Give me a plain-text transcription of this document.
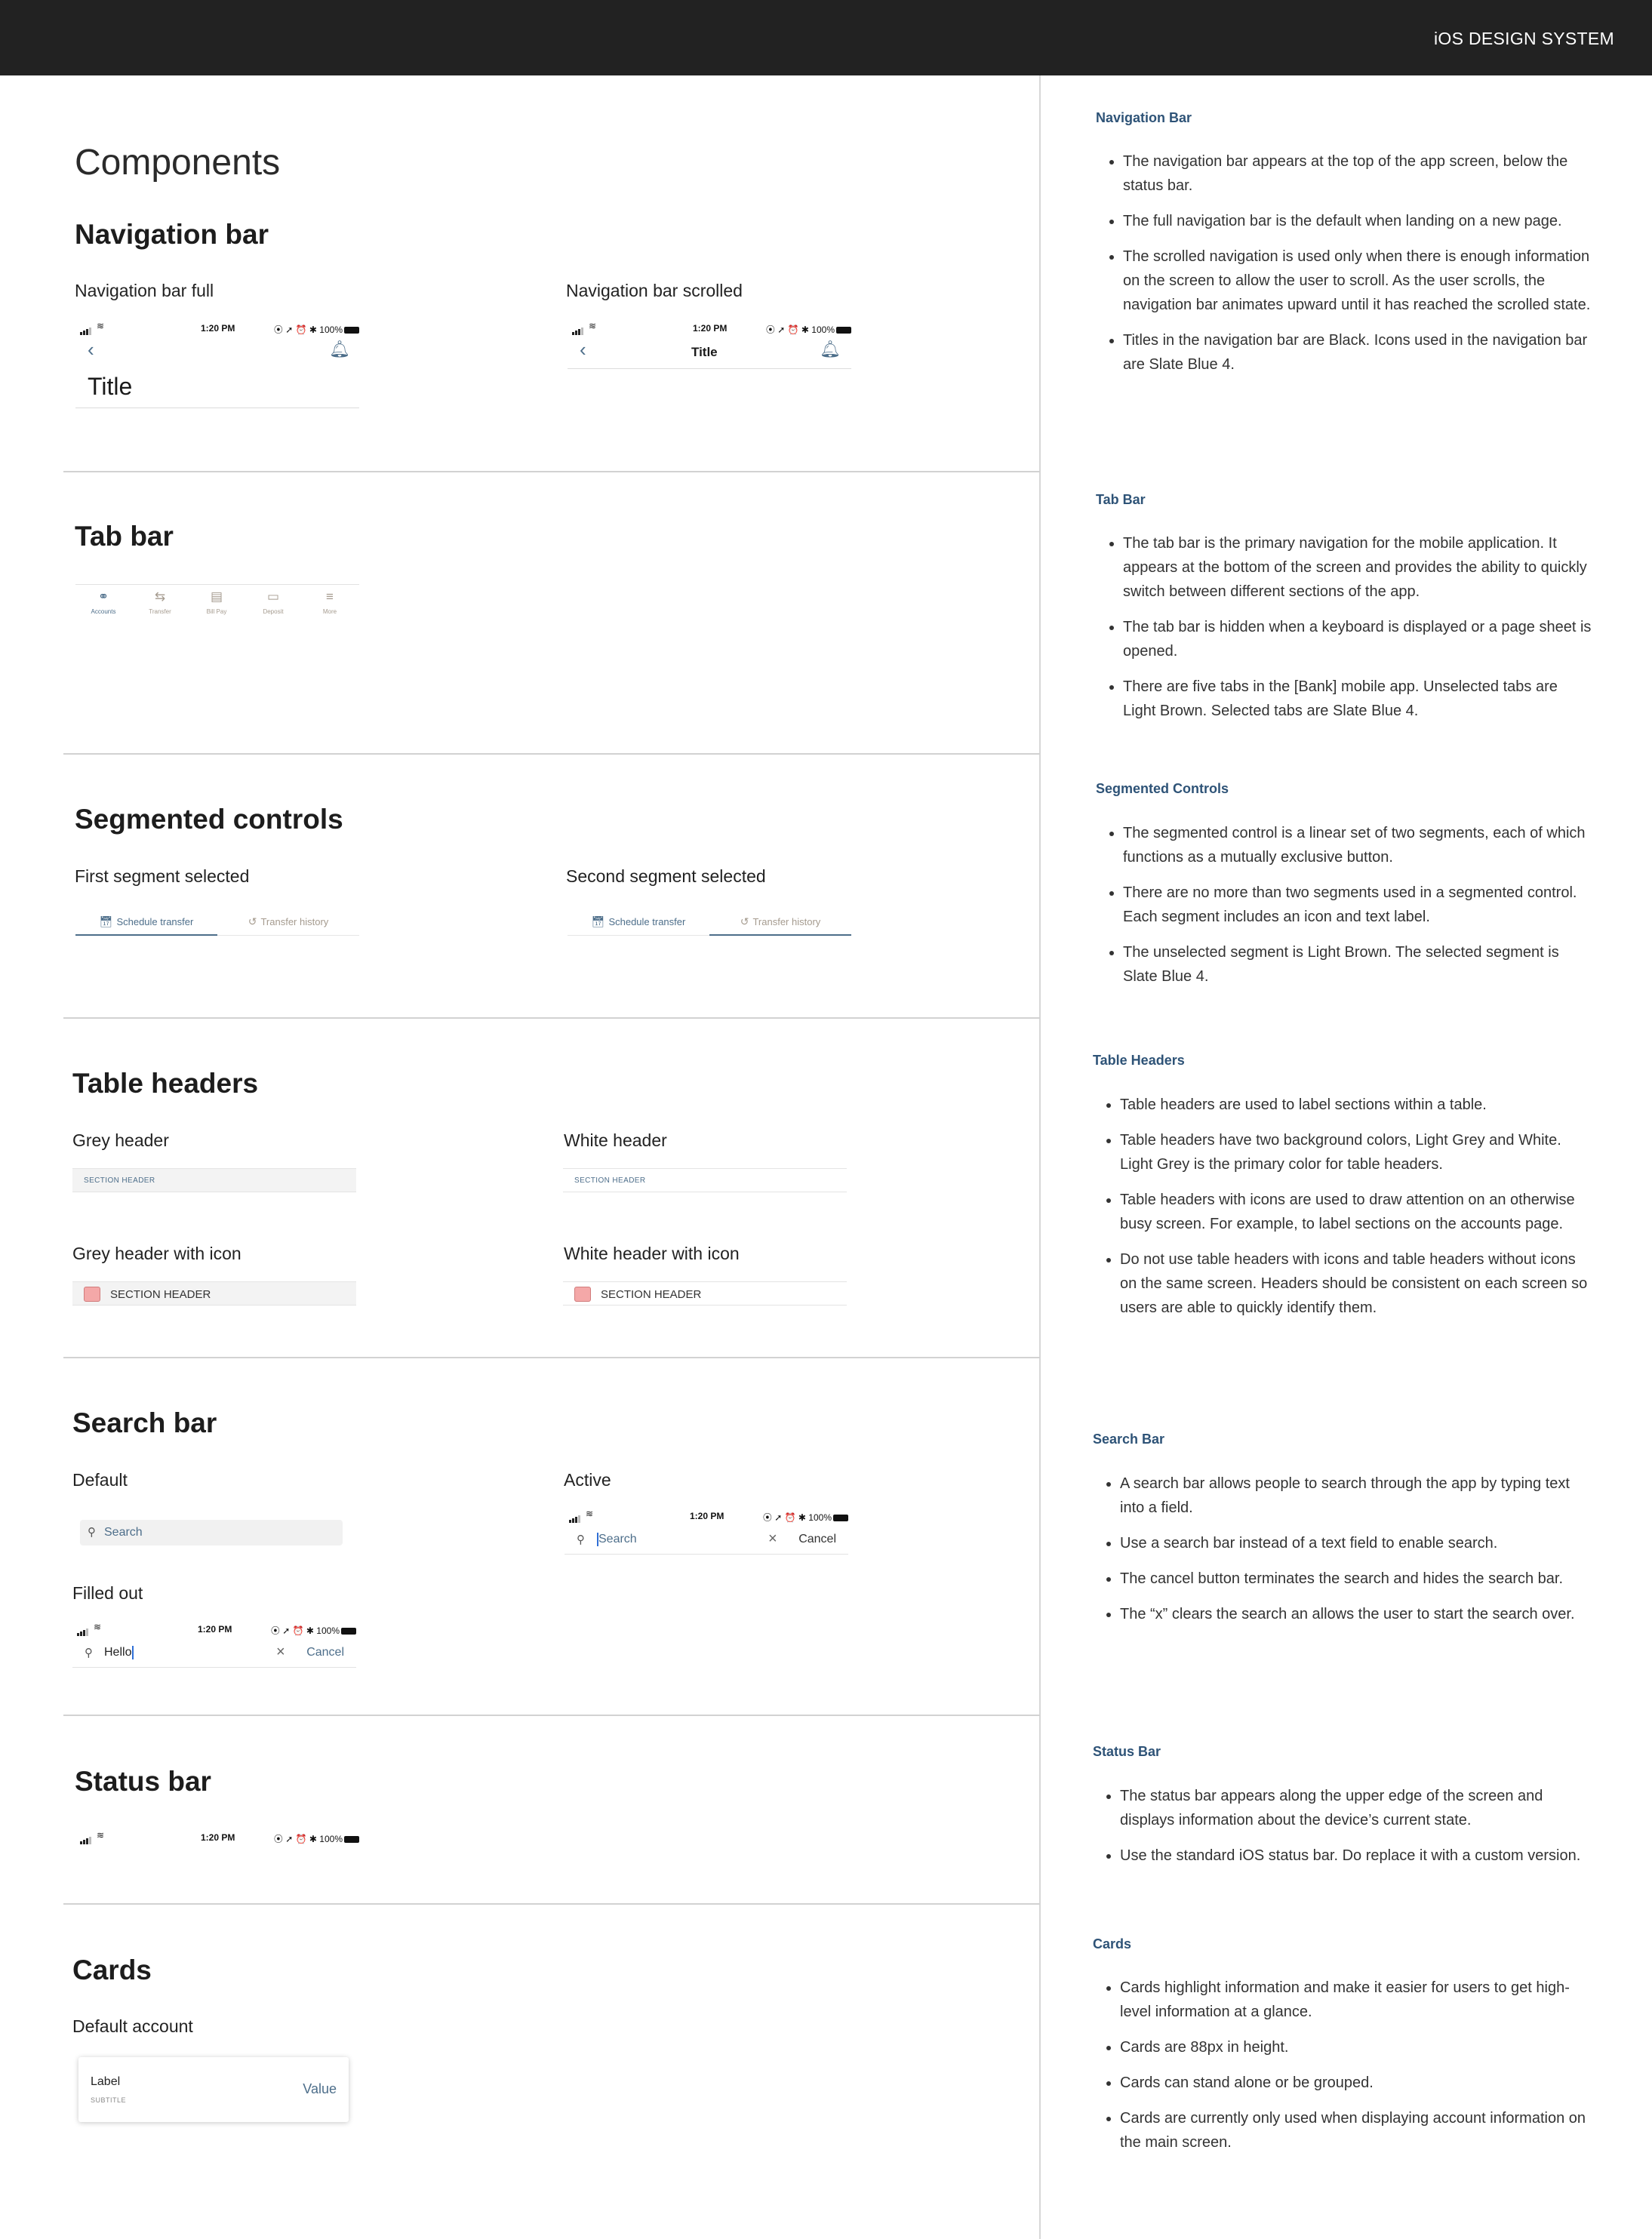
iOS DESIGN SYSTEM
Components
Navigation bar
Navigation bar full	Navigation bar scrolled
≋	1:20 PM	⦿ ➚ ⏰ ✱ 100%
‹	🔔︎
Title
≋	1:20 PM	⦿ ➚ ⏰ ✱ 100%
‹	Title	🔔︎
Tab bar
⚭
Accounts
⇆
Transfer
▤
Bill Pay
▭
Deposit
≡
More
Segmented controls
First segment selected	Second segment selected
📅︎ Schedule transfer	↺ Transfer history	📅︎ Schedule transfer	↺ Transfer history
Table headers
Grey header	White header
SECTION HEADER	SECTION HEADER
Grey header with icon	White header with icon
SECTION HEADER	SECTION HEADER
Search bar
Default	Active
⚲ Search
≋	1:20 PM	⦿ ➚ ⏰ ✱ 100%
⚲ Search	× Cancel
Filled out
≋	1:20 PM	⦿ ➚ ⏰ ✱ 100%
⚲ Hello	× Cancel
Status bar
≋	1:20 PM	⦿ ➚ ⏰ ✱ 100%
Cards
Default account
Label
SUBTITLE
Value
Navigation Bar
• The navigation bar appears at the top of the app screen, below the status bar.
• The full navigation bar is the default when landing on a new page.
• The scrolled navigation is used only when there is enough information on the screen to allow the user to scroll. As the user scrolls, the navigation bar animates upward until it has reached the scrolled state.
• Titles in the navigation bar are Black. Icons used in the navigation bar are Slate Blue 4.
Tab Bar
• The tab bar is the primary navigation for the mobile application. It appears at the bottom of the screen and provides the ability to quickly switch between different sections of the app.
• The tab bar is hidden when a keyboard is displayed or a page sheet is opened.
• There are five tabs in the [Bank] mobile app. Unselected tabs are Light Brown. Selected tabs are Slate Blue 4.
Segmented Controls
• The segmented control is a linear set of two segments, each of which functions as a mutually exclusive button.
• There are no more than two segments used in a segmented control. Each segment includes an icon and text label.
• The unselected segment is Light Brown. The selected segment is Slate Blue 4.
Table Headers
• Table headers are used to label sections within a table.
• Table headers have two background colors, Light Grey and White. Light Grey is the primary color for table headers.
• Table headers with icons are used to draw attention on an otherwise busy screen. For example, to label sections on the accounts page.
• Do not use table headers with icons and table headers without icons on the same screen. Headers should be consistent on each screen so users are able to quickly identify them.
Search Bar
• A search bar allows people to search through the app by typing text into a field.
• Use a search bar instead of a text field to enable search.
• The cancel button terminates the search and hides the search bar.
• The “x” clears the search an allows the user to start the search over.
Status Bar
• The status bar appears along the upper edge of the screen and displays information about the device’s current state.
• Use the standard iOS status bar. Do replace it with a custom version.
Cards
• Cards highlight information and make it easier for users to get high-level information at a glance.
• Cards are 88px in height.
• Cards can stand alone or be grouped.
• Cards are currently only used when displaying account information on the main screen.
